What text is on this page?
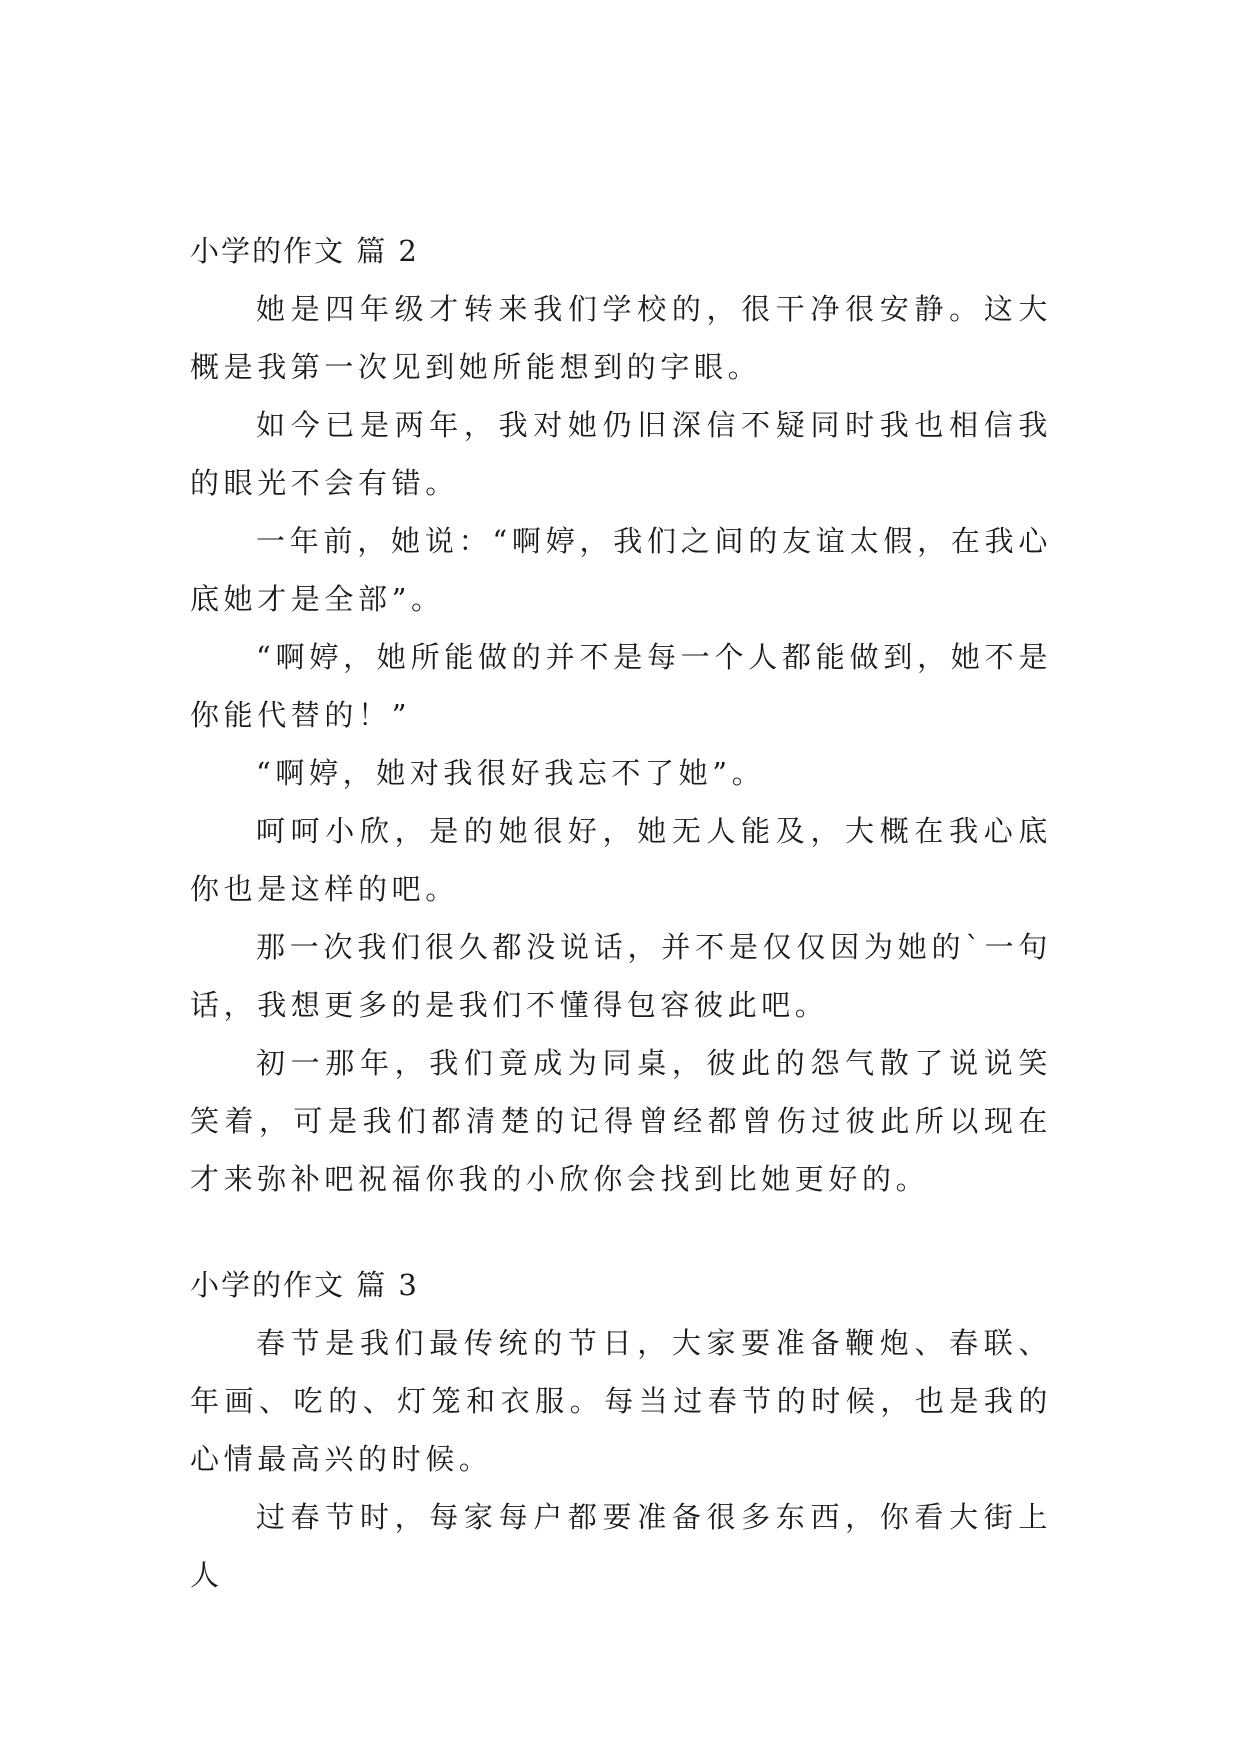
小学的作文 篇 2

她是四年级才转来我们学校的，很干净很安静。这大概是我第一次见到她所能想到的字眼。

如今已是两年，我对她仍旧深信不疑同时我也相信我的眼光不会有错。

一年前，她说：“啊婷，我们之间的友谊太假，在我心底她才是全部”。

“啊婷，她所能做的并不是每一个人都能做到，她不是你能代替的！”

“啊婷，她对我很好我忘不了她”。

呵呵小欣，是的她很好，她无人能及，大概在我心底你也是这样的吧。

那一次我们很久都没说话，并不是仅仅因为她的`一句话，我想更多的是我们不懂得包容彼此吧。

初一那年，我们竟成为同桌，彼此的怨气散了说说笑笑着，可是我们都清楚的记得曾经都曾伤过彼此所以现在才来弥补吧祝福你我的小欣你会找到比她更好的。

小学的作文 篇 3

春节是我们最传统的节日，大家要准备鞭炮、春联、年画、吃的、灯笼和衣服。每当过春节的时候，也是我的心情最高兴的时候。

过春节时，每家每户都要准备很多东西，你看大街上人
